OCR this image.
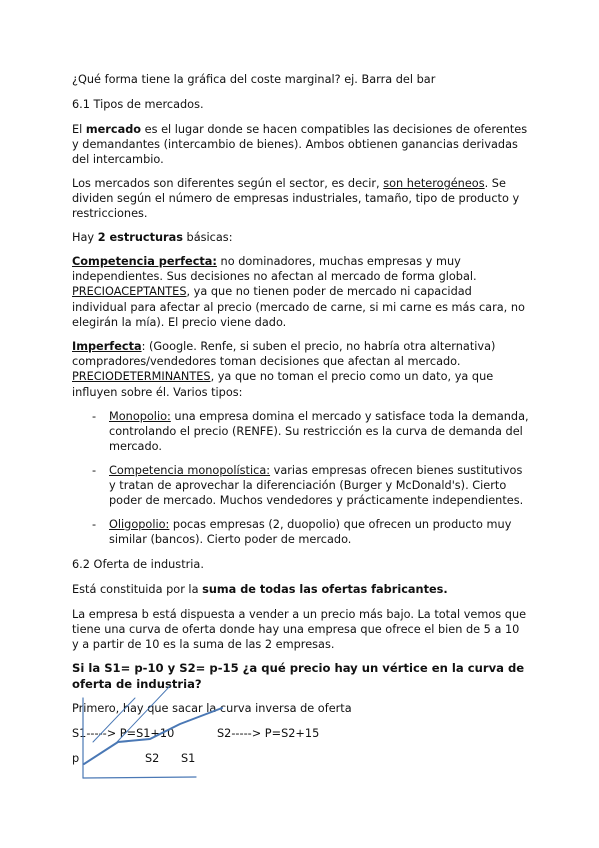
¿Qué forma tiene la gráfica del coste marginal? ej. Barra del bar

6.1 Tipos de mercados.

El mercado es el lugar donde se hacen compatibles las decisiones de oferentes y demandantes (intercambio de bienes). Ambos obtienen ganancias derivadas del intercambio.

Los mercados son diferentes según el sector, es decir, son heterogéneos. Se dividen según el número de empresas industriales, tamaño, tipo de producto y restricciones.

Hay 2 estructuras básicas:

Competencia perfecta: no dominadores, muchas empresas y muy independientes. Sus decisiones no afectan al mercado de forma global. PRECIOACEPTANTES, ya que no tienen poder de mercado ni capacidad individual para afectar al precio (mercado de carne, si mi carne es más cara, no elegirán la mía). El precio viene dado.

Imperfecta: (Google. Renfe, si suben el precio, no habría otra alternativa) compradores/vendedores toman decisiones que afectan al mercado. PRECIODETERMINANTES, ya que no toman el precio como un dato, ya que influyen sobre él. Varios tipos:

- Monopolio: una empresa domina el mercado y satisface toda la demanda, controlando el precio (RENFE). Su restricción es la curva de demanda del mercado.
- Competencia monopolística: varias empresas ofrecen bienes sustitutivos y tratan de aprovechar la diferenciación (Burger y McDonald's). Cierto poder de mercado. Muchos vendedores y prácticamente independientes.
- Oligopolio: pocas empresas (2, duopolio) que ofrecen un producto muy similar (bancos). Cierto poder de mercado.

6.2 Oferta de industria.

Está constituida por la suma de todas las ofertas fabricantes.

La empresa b está dispuesta a vender a un precio más bajo. La total vemos que tiene una curva de oferta donde hay una empresa que ofrece el bien de 5 a 10 y a partir de 10 es la suma de las 2 empresas.

Si la S1= p-10 y S2= p-15 ¿a qué precio hay un vértice en la curva de oferta de industria?

Primero, hay que sacar la curva inversa de oferta

S1-----> P=S1+10	S2-----> P=S2+15
p	S2 S1
